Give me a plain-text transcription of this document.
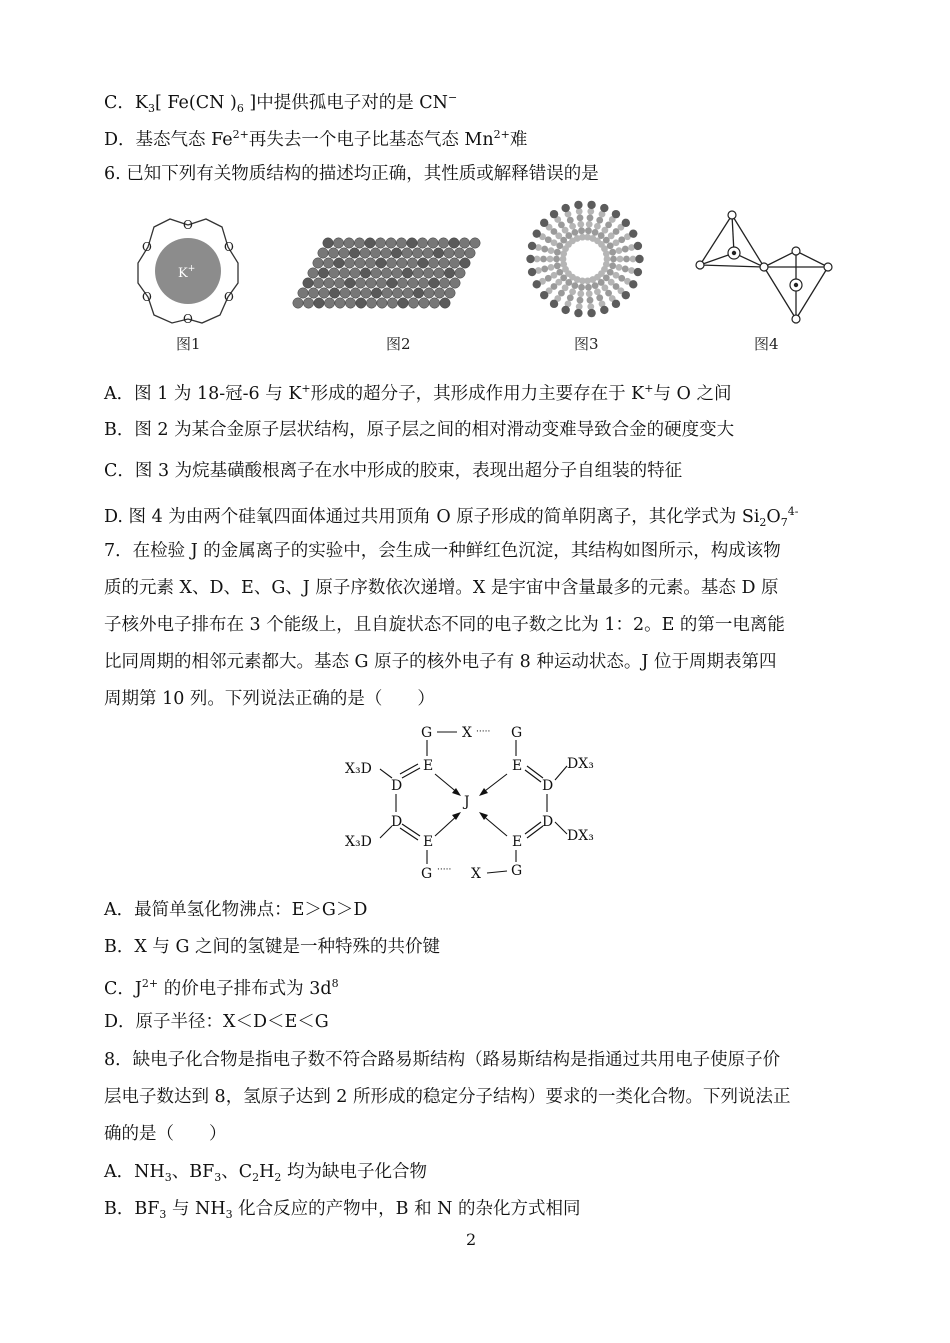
C．$K_3$[ Fe(CN )$_6$ ]中提供孤电子对的是 CN−
D．基态气态 $Fe^{2+}$再失去一个电子比基态气态 $Mn^{2+}$难
6. 已知下列有关物质结构的描述均正确，其性质或解释错误的是
K+
O
O
O
O
O
O
图1	图2	图3	图4
A．图 1 为 18-冠-6 与 K+形成的超分子，其形成作用力主要存在于 K+与 O 之间
B．图 2 为某合金原子层状结构，原子层之间的相对滑动变难导致合金的硬度变大
C．图 3 为烷基磺酸根离子在水中形成的胶束，表现出超分子自组装的特征
D. 图 4 为由两个硅氧四面体通过共用顶角 O 原子形成的简单阴离子，其化学式为 $Si_2O_7^{4-}$
7．在检验 J 的金属离子的实验中，会生成一种鲜红色沉淀，其结构如图所示，构成该物
质的元素 X、D、E、G、J 原子序数依次递增。X 是宇宙中含量最多的元素。基态 D 原
子核外电子排布在 3 个能级上，且自旋状态不同的电子数之比为 1：2。E 的第一电离能
比同周期的相邻元素都大。基态 G 原子的核外电子有 8 种运动状态。J 位于周期表第四
周期第 10 列。下列说法正确的是（　　）
G X ····· G
E	E
D
D
D
D
J
E	E
G ····· X G
X₃D
X₃D
DX₃
DX₃
A．最简单氢化物沸点：E＞G＞D
B．X 与 G 之间的氢键是一种特殊的共价键
C．$J^{2+}$ 的价电子排布式为 $3d^8$
D．原子半径：X＜D＜E＜G
8．缺电子化合物是指电子数不符合路易斯结构（路易斯结构是指通过共用电子使原子价
层电子数达到 8，氢原子达到 2 所形成的稳定分子结构）要求的一类化合物。下列说法正
确的是（　　）
A．$NH_3$、$BF_3$、$C_2H_2$ 均为缺电子化合物
B．$BF_3$ 与 $NH_3$ 化合反应的产物中，B 和 N 的杂化方式相同
2
